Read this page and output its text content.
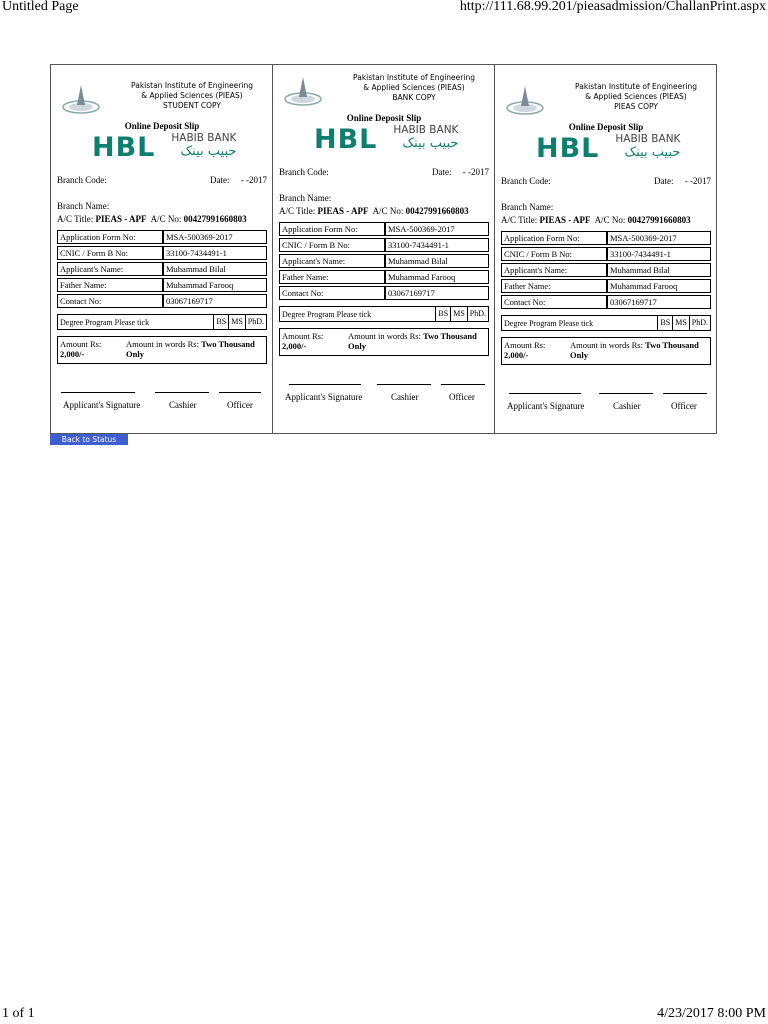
Untitled Page	http://111.68.99.201/pieasadmission/ChallanPrint.aspx
Pakistan Institute of Engineering
& Applied Sciences (PIEAS)
STUDENT COPY
Online Deposit Slip
HBL HABIB BANK
حبیب بینک
Branch Code:	Date: - -2017
Branch Name:
A/C Title: PIEAS - APF A/C No: 00427991660803
Application Form No:	MSA-500369-2017
CNIC / Form B No:	33100-7434491-1
Applicant's Name:	Muhammad Bilal
Father Name:	Muhammad Farooq
Contact No:	03067169717
Degree Program Please tick	BS MS PhD.
Amount Rs:
2,000/-
Amount in words Rs: Two Thousand Only
Applicant's Signature	Cashier	Officer
Pakistan Institute of Engineering
& Applied Sciences (PIEAS)
BANK COPY
Online Deposit Slip
HBL HABIB BANK
حبیب بینک
Branch Code:	Date: - -2017
Branch Name:
A/C Title: PIEAS - APF A/C No: 00427991660803
Application Form No:	MSA-500369-2017
CNIC / Form B No:	33100-7434491-1
Applicant's Name:	Muhammad Bilal
Father Name:	Muhammad Farooq
Contact No:	03067169717
Degree Program Please tick	BS MS PhD.
Amount Rs:
2,000/-
Amount in words Rs: Two Thousand Only
Applicant's Signature	Cashier	Officer
Pakistan Institute of Engineering
& Applied Sciences (PIEAS)
PIEAS COPY
Online Deposit Slip
HBL HABIB BANK
حبیب بینک
Branch Code:	Date: - -2017
Branch Name:
A/C Title: PIEAS - APF A/C No: 00427991660803
Application Form No:	MSA-500369-2017
CNIC / Form B No:	33100-7434491-1
Applicant's Name:	Muhammad Bilal
Father Name:	Muhammad Farooq
Contact No:	03067169717
Degree Program Please tick	BS MS PhD.
Amount Rs:
2,000/-
Amount in words Rs: Two Thousand Only
Applicant's Signature	Cashier	Officer
Back to Status
1 of 1	4/23/2017 8:00 PM
